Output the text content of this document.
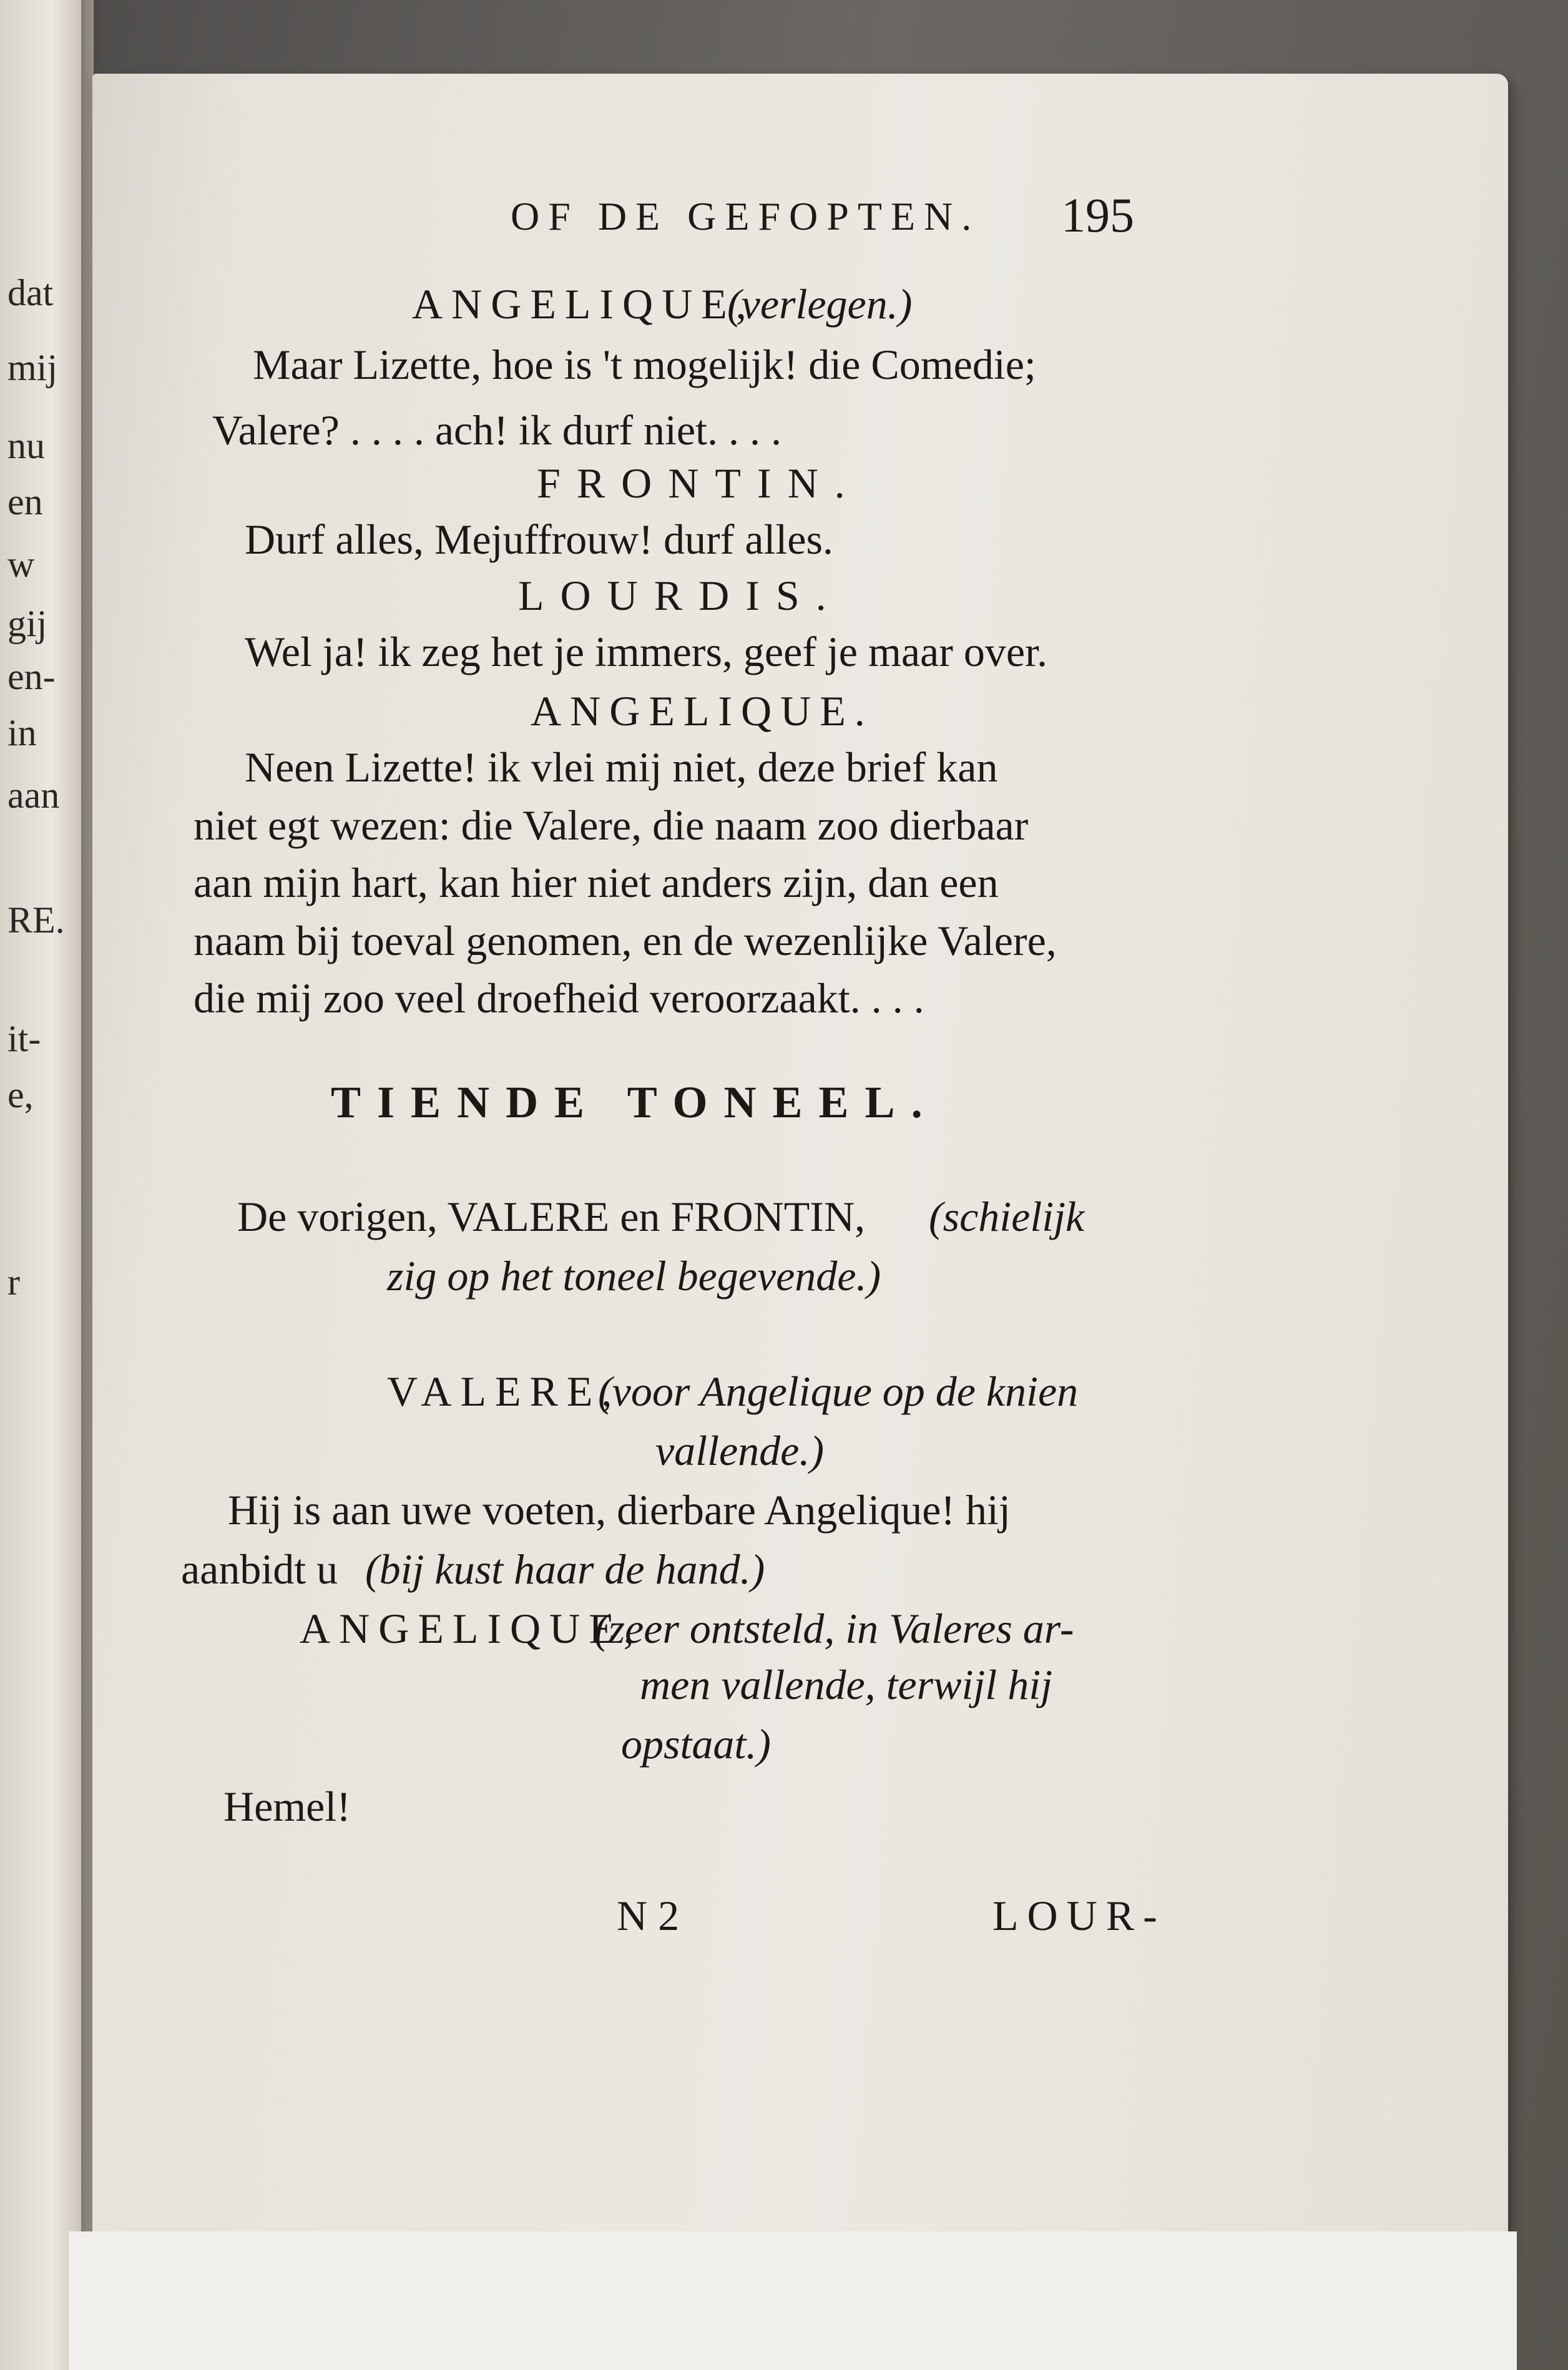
dat
mij
nu
en
w
gij
en-
in
aan
RE.
it-
e,
r
OF DE GEFOPTEN. 195
ANGELIQUE,
(verlegen.)
Maar Lizette, hoe is 't mogelijk! die Comedie;
Valere? . . . . ach! ik durf niet. . . .
FRONTIN.
Durf alles, Mejuffrouw! durf alles.
LOURDIS.
Wel ja! ik zeg het je immers, geef je maar over.
ANGELIQUE.
Neen Lizette! ik vlei mij niet, deze brief kan
niet egt wezen: die Valere, die naam zoo dierbaar
aan mijn hart, kan hier niet anders zijn, dan een
naam bij toeval genomen, en de wezenlijke Valere,
die mij zoo veel droefheid veroorzaakt. . . .
TIENDE TONEEL.
De vorigen, VALERE en FRONTIN, (schielijk
zig op het toneel begevende.)
VALERE,
(voor Angelique op de knien
vallende.)
Hij is aan uwe voeten, dierbare Angelique! hij
aanbidt u (bij kust haar de hand.)
ANGELIQUE,
(zeer ontsteld, in Valeres ar-
men vallende, terwijl hij
opstaat.)
Hemel!
N 2	LOUR-
